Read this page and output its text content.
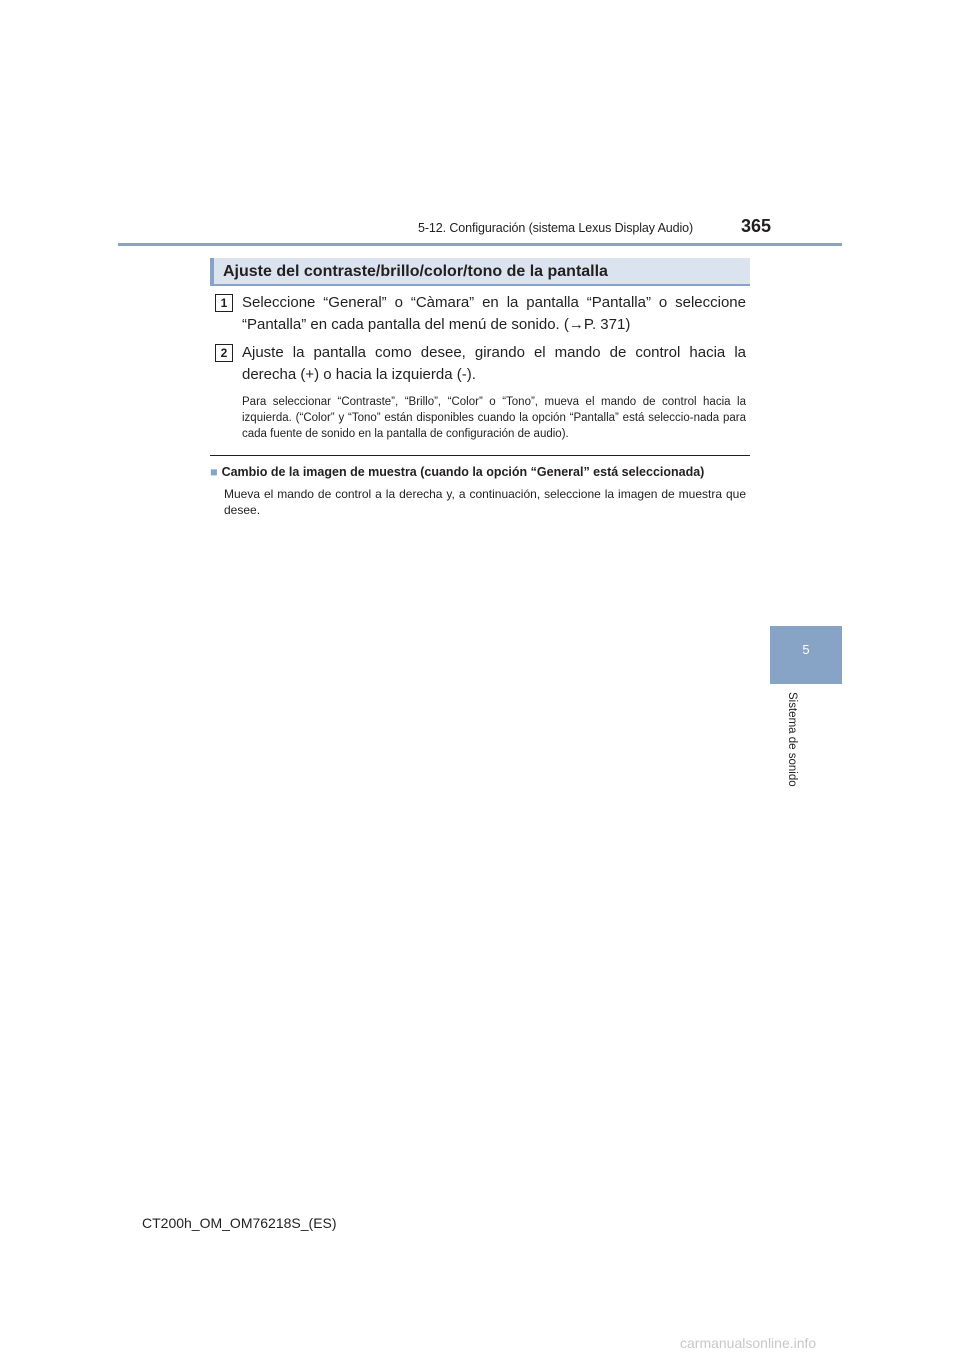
5-12. Configuración (sistema Lexus Display Audio)	365
Ajuste del contraste/brillo/color/tono de la pantalla
1 Seleccione “General” o “Càmara” en la pantalla “Pantalla” o seleccione “Pantalla” en cada pantalla del menú de sonido. (→P. 371)
2 Ajuste la pantalla como desee, girando el mando de control hacia la derecha (+) o hacia la izquierda (-).
Para seleccionar “Contraste”, “Brillo”, “Color” o “Tono”, mueva el mando de control hacia la izquierda. (“Color” y “Tono” están disponibles cuando la opción “Pantalla” está seleccio-nada para cada fuente de sonido en la pantalla de configuración de audio).
■ Cambio de la imagen de muestra (cuando la opción “General” está seleccionada)
Mueva el mando de control a la derecha y, a continuación, seleccione la imagen de muestra que desee.
5
Sistema de sonido
CT200h_OM_OM76218S_(ES)
carmanualsonline.info
